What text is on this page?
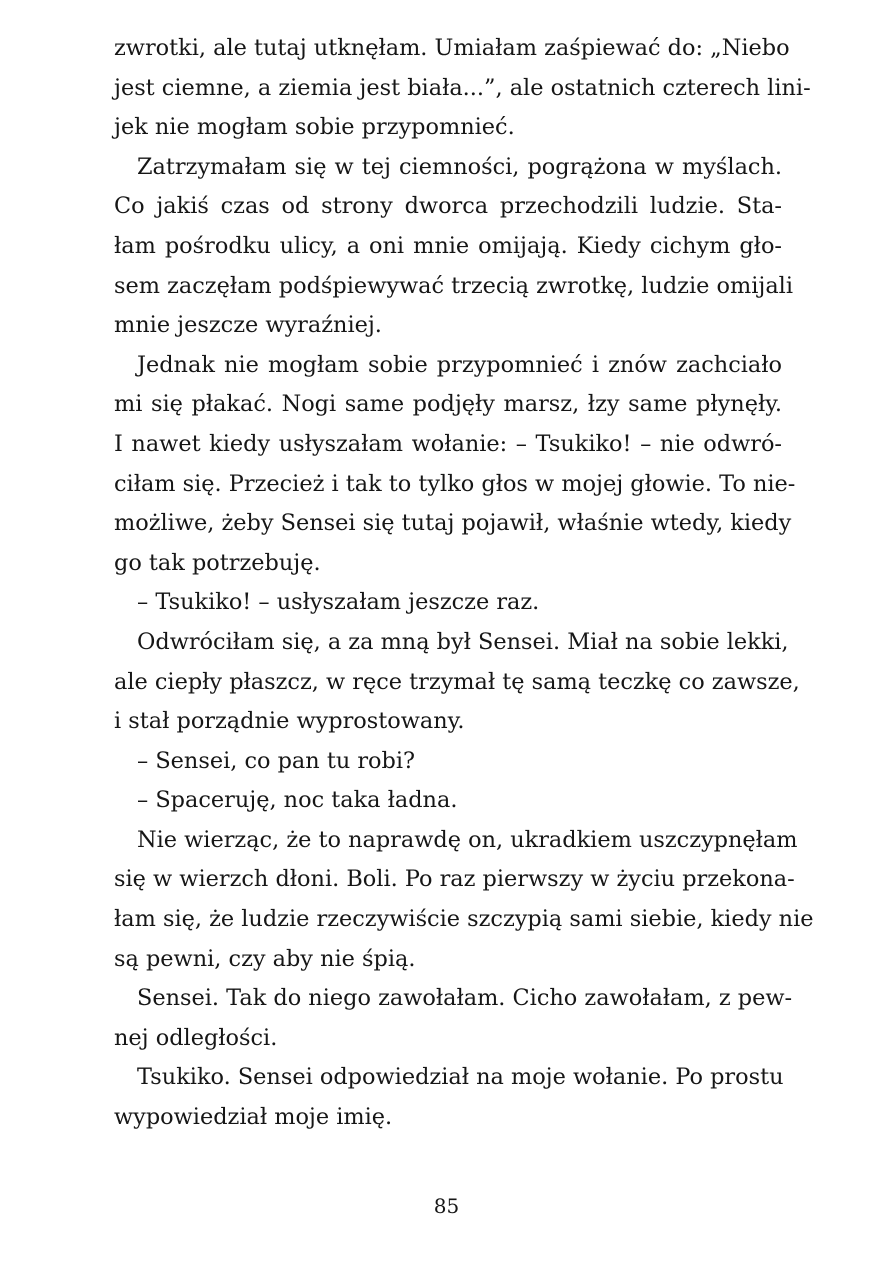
zwrotki, ale tutaj utknęłam. Umiałam zaśpiewać do: „Niebo
jest ciemne, a ziemia jest biała...”, ale ostatnich czterech lini-
jek nie mogłam sobie przypomnieć.
Zatrzymałam się w tej ciemności, pogrążona w myślach.
Co jakiś czas od strony dworca przechodzili ludzie. Sta-
łam pośrodku ulicy, a oni mnie omijają. Kiedy cichym gło-
sem zaczęłam podśpiewywać trzecią zwrotkę, ludzie omijali
mnie jeszcze wyraźniej.
Jednak nie mogłam sobie przypomnieć i znów zachciało
mi się płakać. Nogi same podjęły marsz, łzy same płynęły.
I nawet kiedy usłyszałam wołanie: – Tsukiko! – nie odwró-
ciłam się. Przecież i tak to tylko głos w mojej głowie. To nie-
możliwe, żeby Sensei się tutaj pojawił, właśnie wtedy, kiedy
go tak potrzebuję.
– Tsukiko! – usłyszałam jeszcze raz.
Odwróciłam się, a za mną był Sensei. Miał na sobie lekki,
ale ciepły płaszcz, w ręce trzymał tę samą teczkę co zawsze,
i stał porządnie wyprostowany.
– Sensei, co pan tu robi?
– Spaceruję, noc taka ładna.
Nie wierząc, że to naprawdę on, ukradkiem uszczypnęłam
się w wierzch dłoni. Boli. Po raz pierwszy w życiu przekona-
łam się, że ludzie rzeczywiście szczypią sami siebie, kiedy nie
są pewni, czy aby nie śpią.
Sensei. Tak do niego zawołałam. Cicho zawołałam, z pew-
nej odległości.
Tsukiko. Sensei odpowiedział na moje wołanie. Po prostu
wypowiedział moje imię.
85
